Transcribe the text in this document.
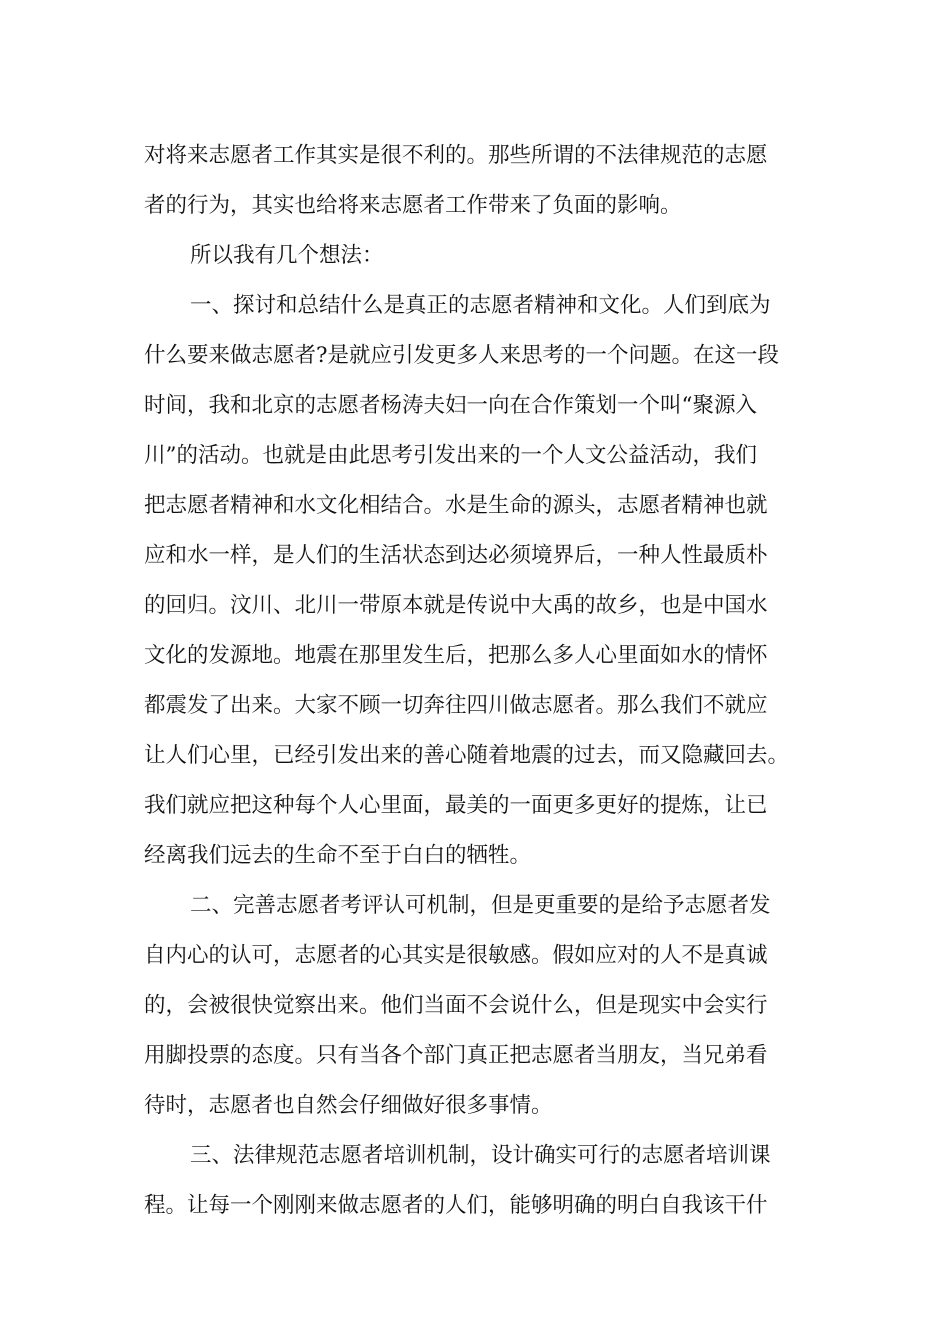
对将来志愿者工作其实是很不利的。那些所谓的不法律规范的志愿
者的行为，其实也给将来志愿者工作带来了负面的影响。
所以我有几个想法：
一、探讨和总结什么是真正的志愿者精神和文化。人们到底为
什么要来做志愿者?是就应引发更多人来思考的一个问题。在这一段
时间，我和北京的志愿者杨涛夫妇一向在合作策划一个叫“聚源入
川”的活动。也就是由此思考引发出来的一个人文公益活动，我们
把志愿者精神和水文化相结合。水是生命的源头，志愿者精神也就
应和水一样，是人们的生活状态到达必须境界后，一种人性最质朴
的回归。汶川、北川一带原本就是传说中大禹的故乡，也是中国水
文化的发源地。地震在那里发生后，把那么多人心里面如水的情怀
都震发了出来。大家不顾一切奔往四川做志愿者。那么我们不就应
让人们心里，已经引发出来的善心随着地震的过去，而又隐藏回去。
我们就应把这种每个人心里面，最美的一面更多更好的提炼，让已
经离我们远去的生命不至于白白的牺牲。
二、完善志愿者考评认可机制，但是更重要的是给予志愿者发
自内心的认可，志愿者的心其实是很敏感。假如应对的人不是真诚
的，会被很快觉察出来。他们当面不会说什么，但是现实中会实行
用脚投票的态度。只有当各个部门真正把志愿者当朋友，当兄弟看
待时，志愿者也自然会仔细做好很多事情。
三、法律规范志愿者培训机制，设计确实可行的志愿者培训课
程。让每一个刚刚来做志愿者的人们，能够明确的明白自我该干什
